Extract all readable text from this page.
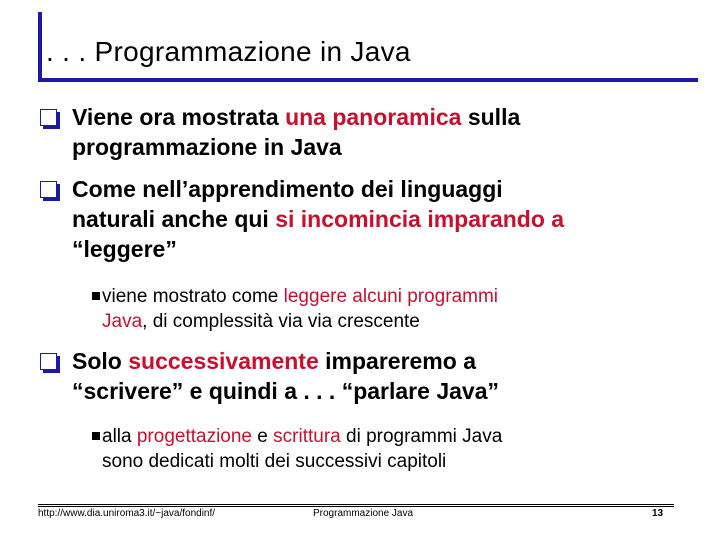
. . . Programmazione in Java
Viene ora mostrata una panoramica sulla
programmazione in Java
Come nell’apprendimento dei linguaggi
naturali anche qui si incomincia imparando a
“leggere”
viene mostrato come leggere alcuni programmi
Java, di complessità via via crescente
Solo successivamente impareremo a
“scrivere” e quindi a . . . “parlare Java”
alla progettazione e scrittura di programmi Java
sono dedicati molti dei successivi capitoli
http://www.dia.uniroma3.it/~java/fondinf/	Programmazione Java	13
